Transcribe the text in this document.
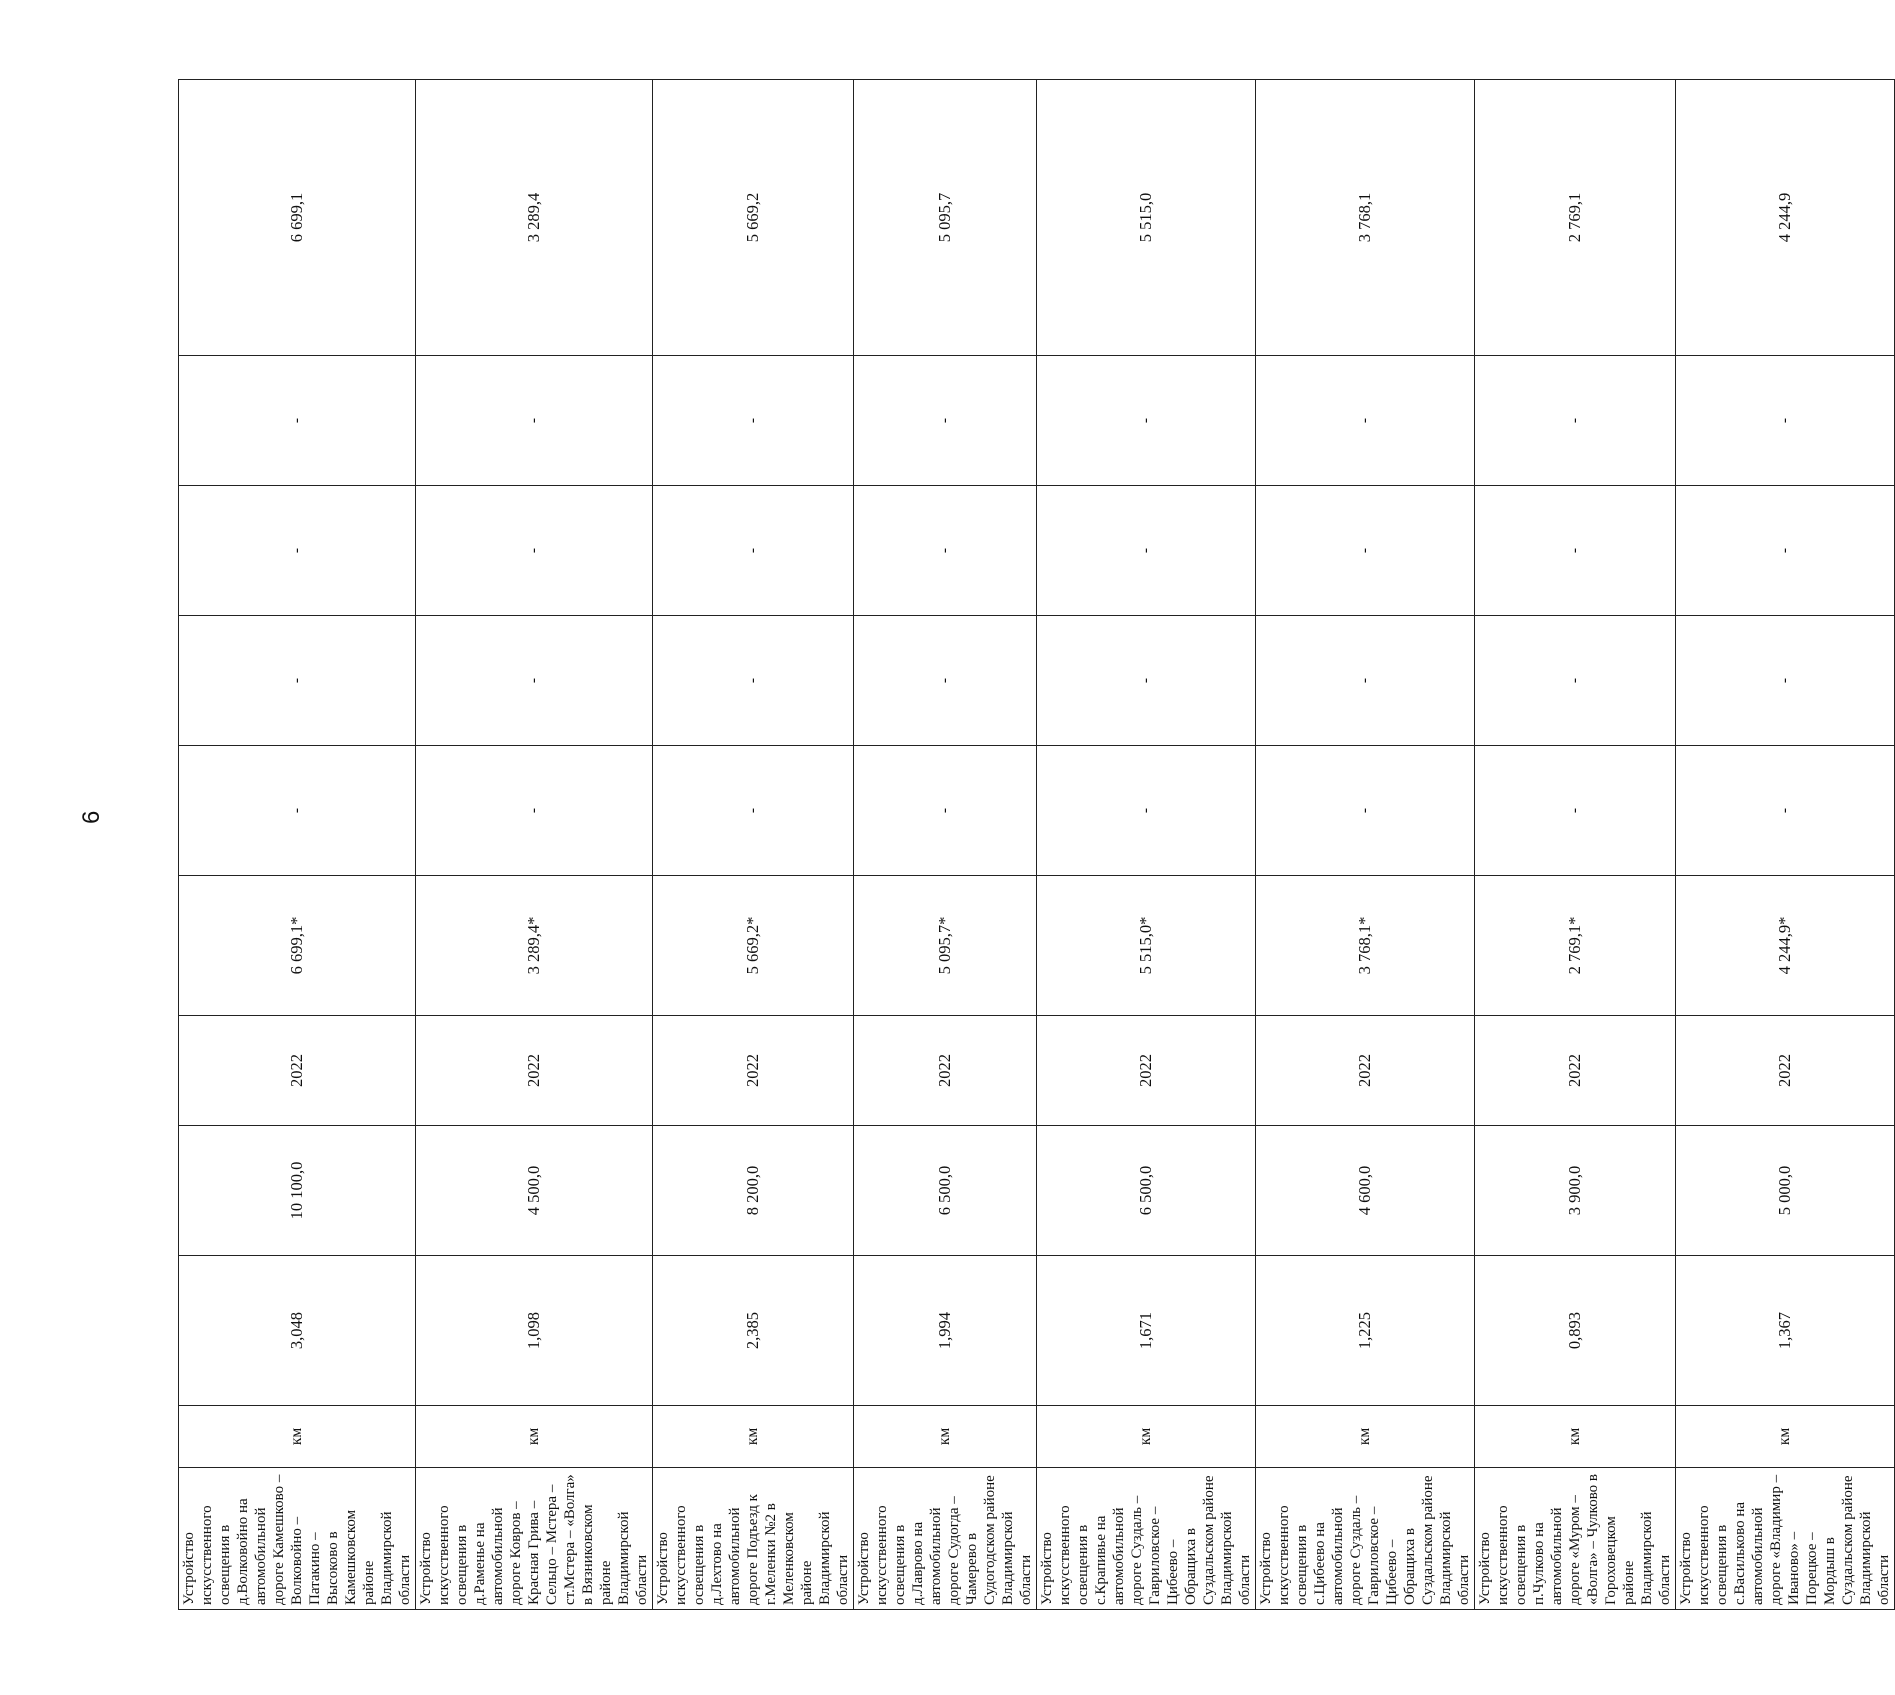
6
Устройство искусственного освещения в д.Волковойно на автомобильной дороге Камешково – Волковойно – Патакино – Высоково в Камешковском районе Владимирской области	км	3,048	10 100,0	2022	6 699,1*	-	-	-	-	6 699,1
Устройство искусственного освещения в д.Раменье на автомобильной дороге Ковров – Красная Грива – Сельцо – Мстера – ст.Мстера – «Волга» в Вязниковском районе Владимирской области	км	1,098	4 500,0	2022	3 289,4*	-	-	-	-	3 289,4
Устройство искусственного освещения в д.Лехтово на автомобильной дороге Подъезд к г.Меленки №2 в Меленковском районе Владимирской области	км	2,385	8 200,0	2022	5 669,2*	-	-	-	-	5 669,2
Устройство искусственного освещения в д.Лаврово на автомобильной дороге Судогда – Чамерево в Судогодском районе Владимирской области	км	1,994	6 500,0	2022	5 095,7*	-	-	-	-	5 095,7
Устройство искусственного освещения в с.Крапивье на автомобильной дороге Суздаль – Гавриловское – Цибеево – Обращиха в Суздальском районе Владимирской области	км	1,671	6 500,0	2022	5 515,0*	-	-	-	-	5 515,0
Устройство искусственного освещения в с.Цибеево на автомобильной дороге Суздаль – Гавриловское – Цибеево – Обращиха в Суздальском районе Владимирской области	км	1,225	4 600,0	2022	3 768,1*	-	-	-	-	3 768,1
Устройство искусственного освещения в п.Чулково на автомобильной дороге «Муром – «Волга» – Чулково в Гороховецком районе Владимирской области	км	0,893	3 900,0	2022	2 769,1*	-	-	-	-	2 769,1
Устройство искусственного освещения в с.Васильково на автомобильной дороге «Владимир – Иваново» – Порецкое – Мордыш в Суздальском районе Владимирской области	км	1,367	5 000,0	2022	4 244,9*	-	-	-	-	4 244,9
